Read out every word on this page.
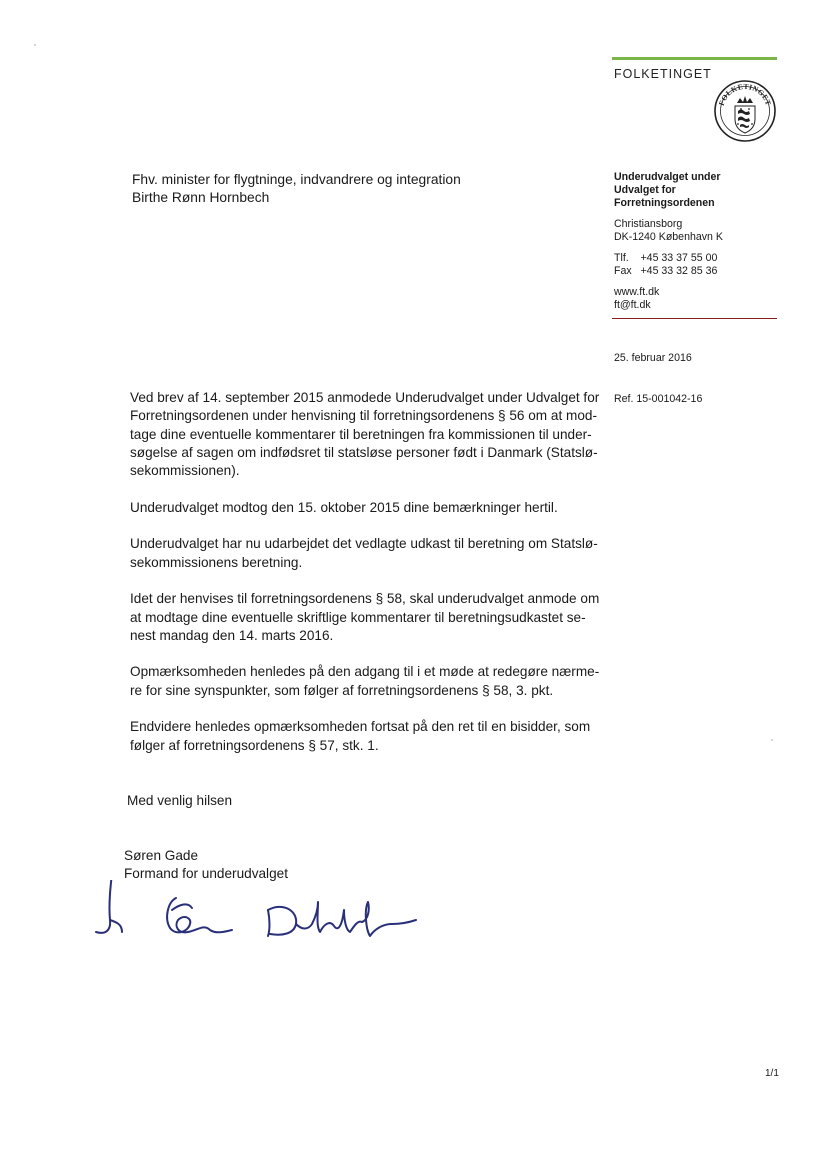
FOLKETINGET
FOLKETINGET
Fhv. minister for flygtninge, indvandrere og integration
Birthe Rønn Hornbech
Underudvalget under
Udvalget for
Forretningsordenen
Christiansborg
DK-1240 København K
Tlf.    +45 33 37 55 00
Fax   +45 33 32 85 36
www.ft.dk
ft@ft.dk
25. februar 2016
Ref. 15-001042-16

Ved brev af 14. september 2015 anmodede Underudvalget under Udvalget for
Forretningsordenen under henvisning til forretningsordenens § 56 om at mod-
tage dine eventuelle kommentarer til beretningen fra kommissionen til under-
søgelse af sagen om indfødsret til statsløse personer født i Danmark (Statslø-
sekommissionen).

Underudvalget modtog den 15. oktober 2015 dine bemærkninger hertil.

Underudvalget har nu udarbejdet det vedlagte udkast til beretning om Statslø-
sekommissionens beretning.

Idet der henvises til forretningsordenens § 58, skal underudvalget anmode om
at modtage dine eventuelle skriftlige kommentarer til beretningsudkastet se-
nest mandag den 14. marts 2016.

Opmærksomheden henledes på den adgang til i et møde at redegøre nærme-
re for sine synspunkter, som følger af forretningsordenens § 58, 3. pkt.

Endvidere henledes opmærksomheden fortsat på den ret til en bisidder, som
følger af forretningsordenens § 57, stk. 1.

Med venlig hilsen
Søren Gade
Formand for underudvalget
1/1
